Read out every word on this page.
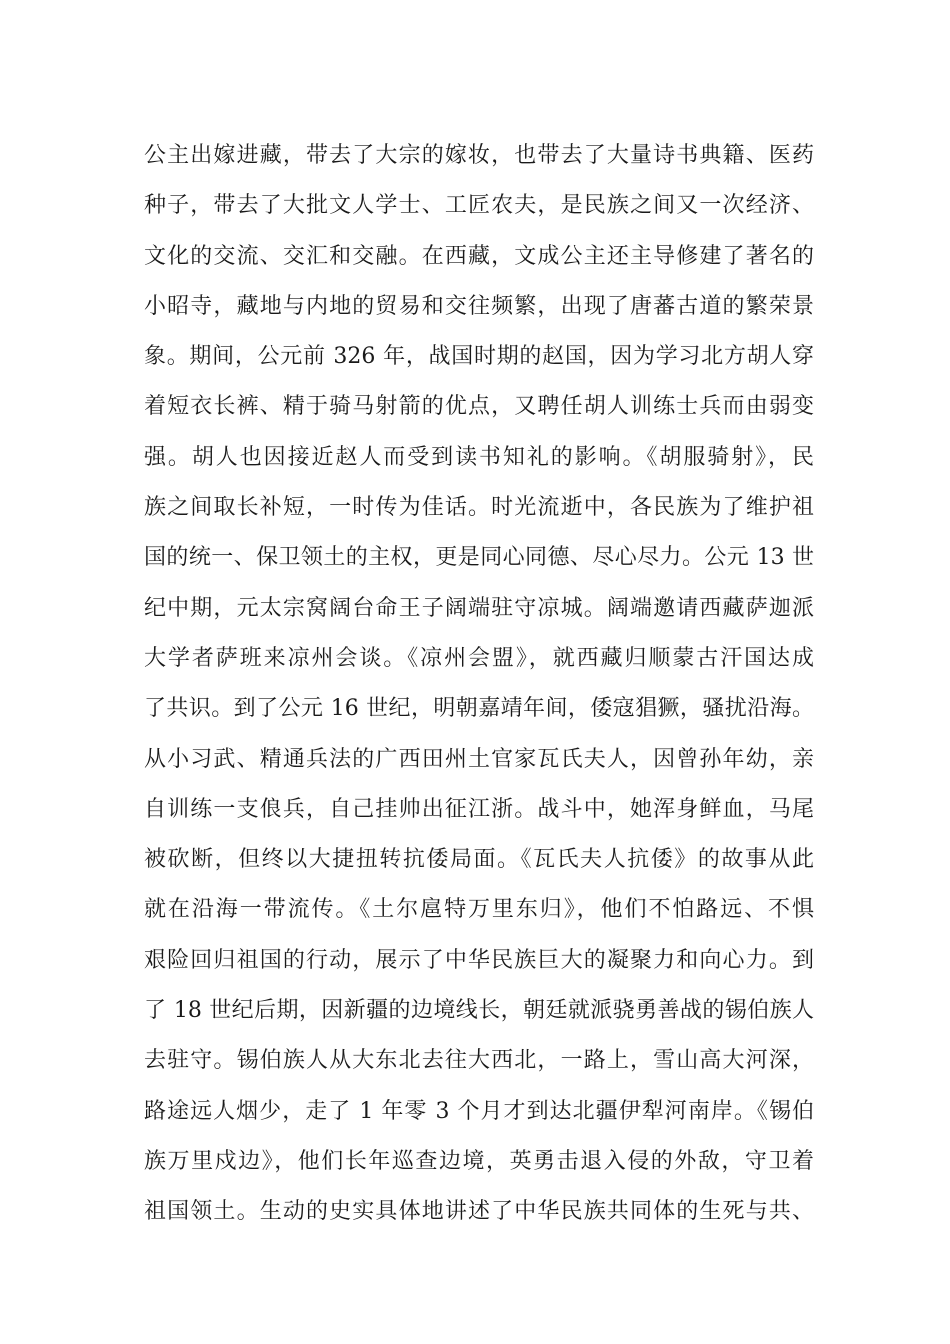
公主出嫁进藏，带去了大宗的嫁妆，也带去了大量诗书典籍、医药
种子，带去了大批文人学士、工匠农夫，是民族之间又一次经济、
文化的交流、交汇和交融。在西藏，文成公主还主导修建了著名的
小昭寺，藏地与内地的贸易和交往频繁，出现了唐蕃古道的繁荣景
象。期间，公元前 326 年，战国时期的赵国，因为学习北方胡人穿
着短衣长裤、精于骑马射箭的优点，又聘任胡人训练士兵而由弱变
强。胡人也因接近赵人而受到读书知礼的影响。《胡服骑射》，民
族之间取长补短，一时传为佳话。时光流逝中，各民族为了维护祖
国的统一、保卫领土的主权，更是同心同德、尽心尽力。公元 13 世
纪中期，元太宗窝阔台命王子阔端驻守凉城。阔端邀请西藏萨迦派
大学者萨班来凉州会谈。《凉州会盟》，就西藏归顺蒙古汗国达成
了共识。到了公元 16 世纪，明朝嘉靖年间，倭寇猖獗，骚扰沿海。
从小习武、精通兵法的广西田州土官家瓦氏夫人，因曾孙年幼，亲
自训练一支俍兵，自己挂帅出征江浙。战斗中，她浑身鲜血，马尾
被砍断，但终以大捷扭转抗倭局面。《瓦氏夫人抗倭》的故事从此
就在沿海一带流传。《土尔扈特万里东归》，他们不怕路远、不惧
艰险回归祖国的行动，展示了中华民族巨大的凝聚力和向心力。到
了 18 世纪后期，因新疆的边境线长，朝廷就派骁勇善战的锡伯族人
去驻守。锡伯族人从大东北去往大西北，一路上，雪山高大河深，
路途远人烟少，走了 1 年零 3 个月才到达北疆伊犁河南岸。《锡伯
族万里戍边》，他们长年巡查边境，英勇击退入侵的外敌，守卫着
祖国领土。生动的史实具体地讲述了中华民族共同体的生死与共、
